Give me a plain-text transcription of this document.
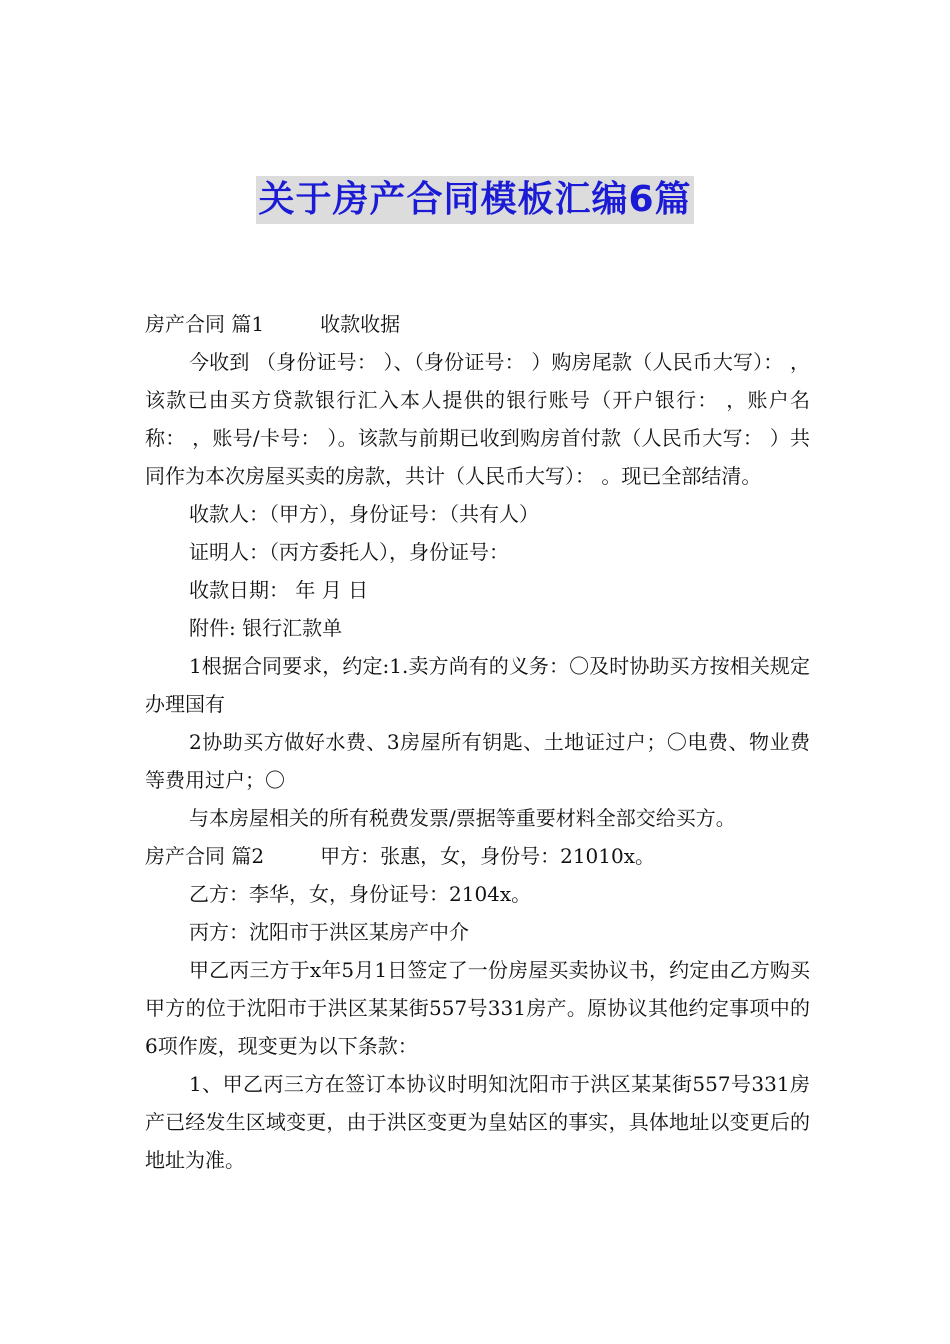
关于房产合同模板汇编6篇
房产合同 篇1	收款收据
今收到 （身份证号： ）、（身份证号： ）购房尾款（人民币大写）： ，该款已由买方贷款银行汇入本人提供的银行账号（开户银行： ，账户名称： ，账号/卡号： ）。该款与前期已收到购房首付款（人民币大写： ）共同作为本次房屋买卖的房款，共计（人民币大写）： 。现已全部结清。
收款人：（甲方），身份证号：（共有人）
证明人：（丙方委托人），身份证号：
收款日期： 年 月 日
附件: 银行汇款单
1根据合同要求，约定:1.卖方尚有的义务：〇及时协助买方按相关规定办理国有
2协助买方做好水费、3房屋所有钥匙、土地证过户；〇电费、物业费等费用过户；〇
与本房屋相关的所有税费发票/票据等重要材料全部交给买方。
房产合同 篇2	甲方：张惠，女，身份号：21010x。
乙方：李华，女，身份证号：2104x。
丙方：沈阳市于洪区某房产中介
甲乙丙三方于x年5月1日签定了一份房屋买卖协议书，约定由乙方购买甲方的位于沈阳市于洪区某某街557号331房产。原协议其他约定事项中的6项作废，现变更为以下条款：
1、甲乙丙三方在签订本协议时明知沈阳市于洪区某某街557号331房产已经发生区域变更，由于洪区变更为皇姑区的事实，具体地址以变更后的地址为准。
